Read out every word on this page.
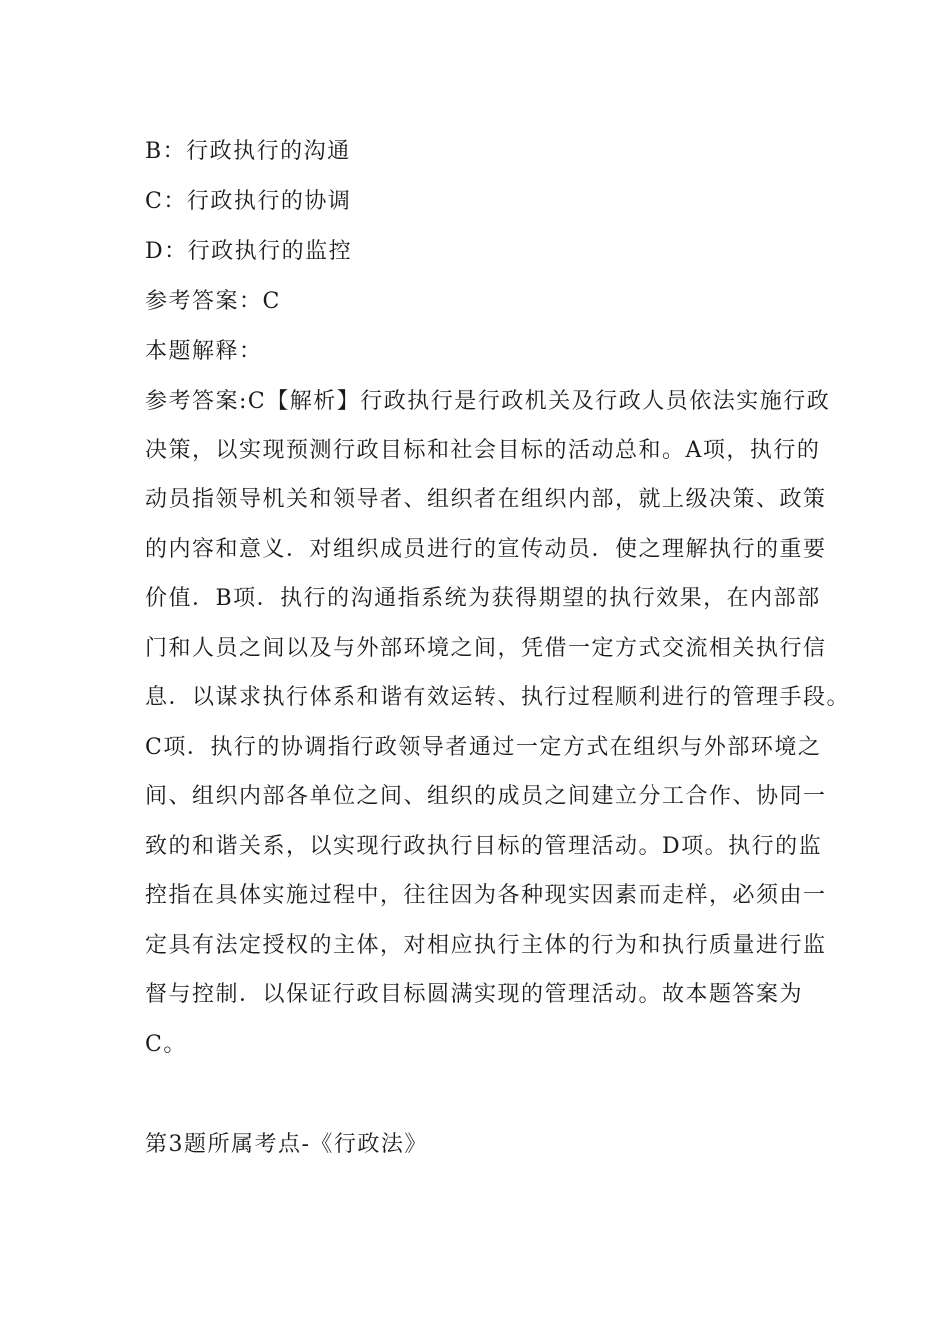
B：行政执行的沟通
C：行政执行的协调
D：行政执行的监控
参考答案：C
本题解释：
参考答案:C【解析】行政执行是行政机关及行政人员依法实施行政
决策，以实现预测行政目标和社会目标的活动总和。A项，执行的
动员指领导机关和领导者、组织者在组织内部，就上级决策、政策
的内容和意义．对组织成员进行的宣传动员．使之理解执行的重要
价值．B项．执行的沟通指系统为获得期望的执行效果，在内部部
门和人员之间以及与外部环境之间，凭借一定方式交流相关执行信
息．以谋求执行体系和谐有效运转、执行过程顺利进行的管理手段。
C项．执行的协调指行政领导者通过一定方式在组织与外部环境之
间、组织内部各单位之间、组织的成员之间建立分工合作、协同一
致的和谐关系，以实现行政执行目标的管理活动。D项。执行的监
控指在具体实施过程中，往往因为各种现实因素而走样，必须由一
定具有法定授权的主体，对相应执行主体的行为和执行质量进行监
督与控制．以保证行政目标圆满实现的管理活动。故本题答案为
C。
第3题所属考点-《行政法》
